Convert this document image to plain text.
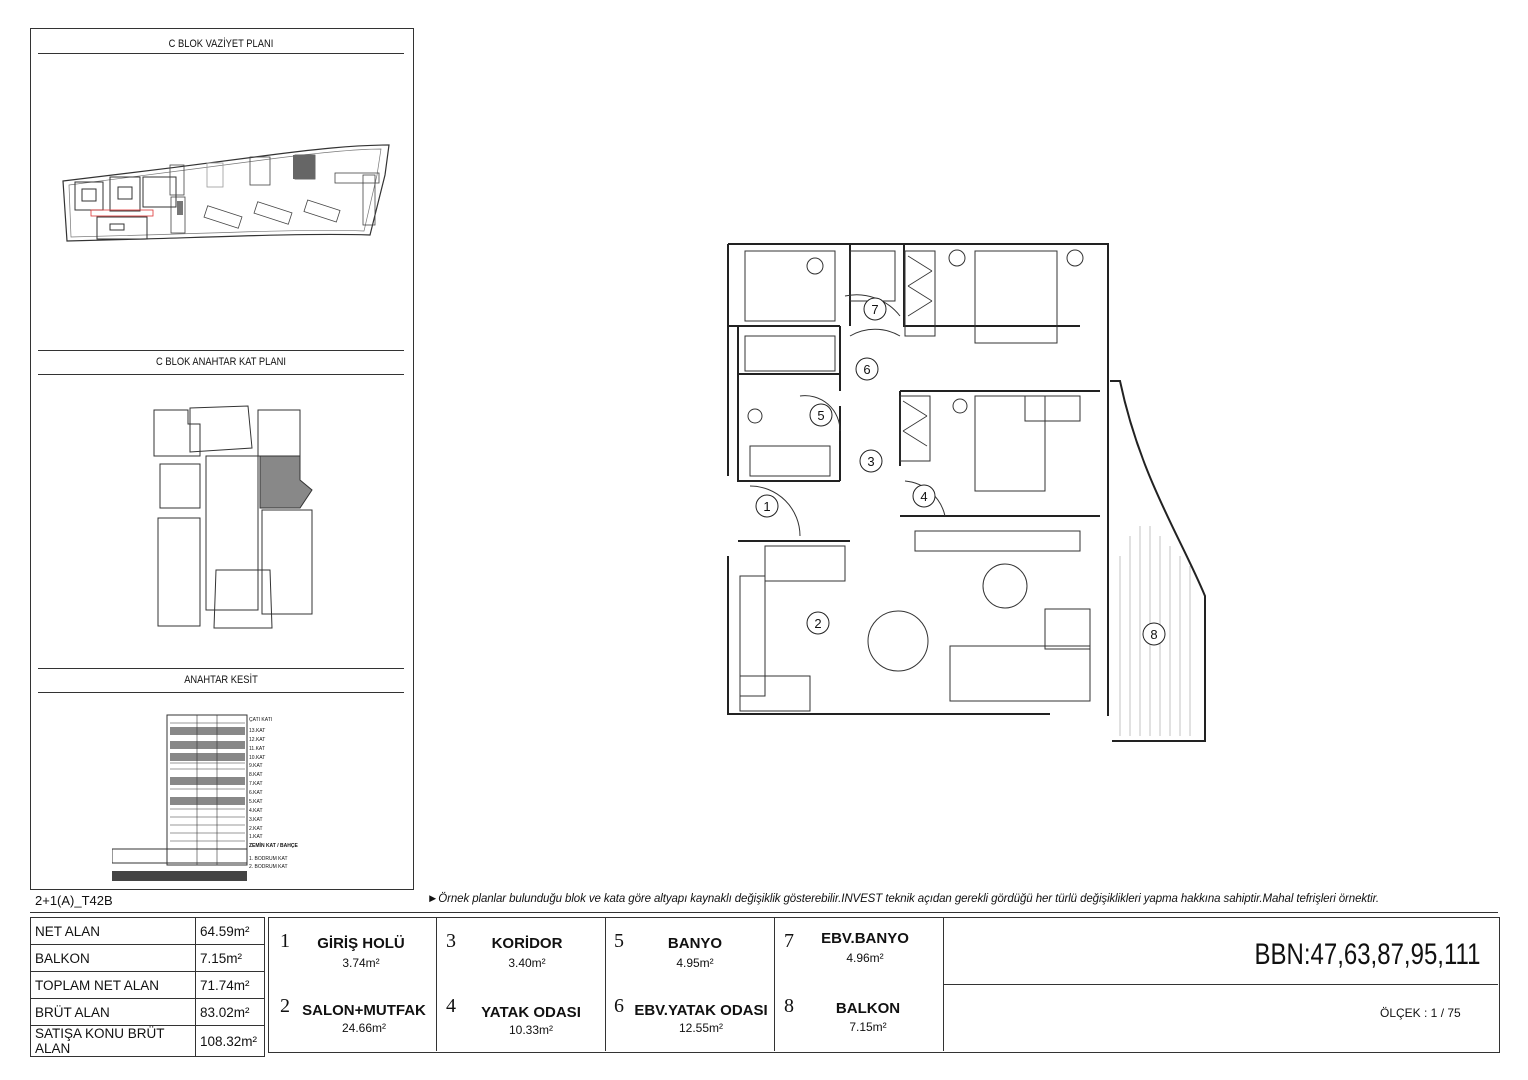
C BLOK VAZİYET PLANI
C BLOK ANAHTAR KAT PLANI
ANAHTAR KESİT
ÇATI KATI
13.KAT
12.KAT
11.KAT
10.KAT
9.KAT
8.KAT
7.KAT
6.KAT
5.KAT
4.KAT
3.KAT
2.KAT
1.KAT
ZEMİN KAT / BAHÇE
1. BODRUM KAT
2. BODRUM KAT
1
2
3
4
5
6
7
8
2+1(A)_T42B	►Örnek planlar bulunduğu blok ve kata göre altyapı kaynaklı değişiklik gösterebilir.INVEST teknik açıdan gerekli gördüğü her türlü değişiklikleri yapma hakkına sahiptir.Mahal tefrişleri örnektir.
NET ALAN	64.59m²
BALKON	7.15m²
TOPLAM NET ALAN	71.74m²
BRÜT ALAN	83.02m²
SATIŞA KONU BRÜT ALAN	108.32m²
1	GİRİŞ HOLÜ
3.74m²
3	KORİDOR
3.40m²
5	BANYO
4.95m²
7	EBV.BANYO
4.96m²
2 SALON+MUTFAK
24.66m²
4	YATAK ODASI
10.33m²
6 EBV.YATAK ODASI
12.55m²
8	BALKON
7.15m²
BBN:47,63,87,95,111
ÖLÇEK : 1 / 75
